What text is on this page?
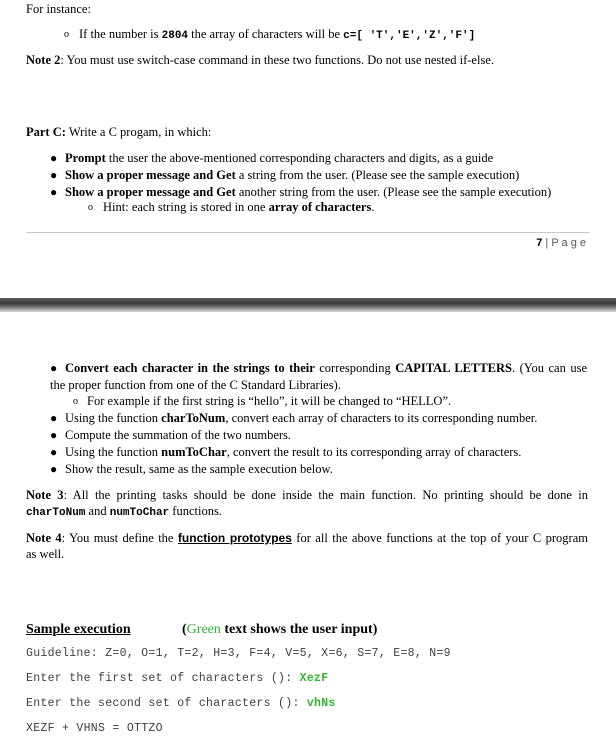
For instance:
o If the number is 2804 the array of characters will be c=[ 'T','E','Z','F']
Note 2: You must use switch-case command in these two functions. Do not use nested if-else.
Part C: Write a C progam, in which:
● Prompt the user the above-mentioned corresponding characters and digits, as a guide
● Show a proper message and Get a string from the user. (Please see the sample execution)
● Show a proper message and Get another string from the user. (Please see the sample execution)
o Hint: each string is stored in one array of characters.
7 | P a g e
● Convert each character in the strings to their corresponding CAPITAL LETTERS. (You can use
the proper function from one of the C Standard Libraries).
o For example if the first string is “hello”, it will be changed to “HELLO”.
● Using the function charToNum, convert each array of characters to its corresponding number.
● Compute the summation of the two numbers.
● Using the function numToChar, convert the result to its corresponding array of characters.
● Show the result, same as the sample execution below.
Note 3: All the printing tasks should be done inside the main function. No printing should be done in
charToNum and numToChar functions.
Note 4: You must define the function prototypes for all the above functions at the top of your C program
as well.
Sample execution	(Green text shows the user input)
Guideline: Z=0, O=1, T=2, H=3, F=4, V=5, X=6, S=7, E=8, N=9
Enter the first set of characters (): XezF
Enter the second set of characters (): vhNs
XEZF + VHNS = OTTZO
